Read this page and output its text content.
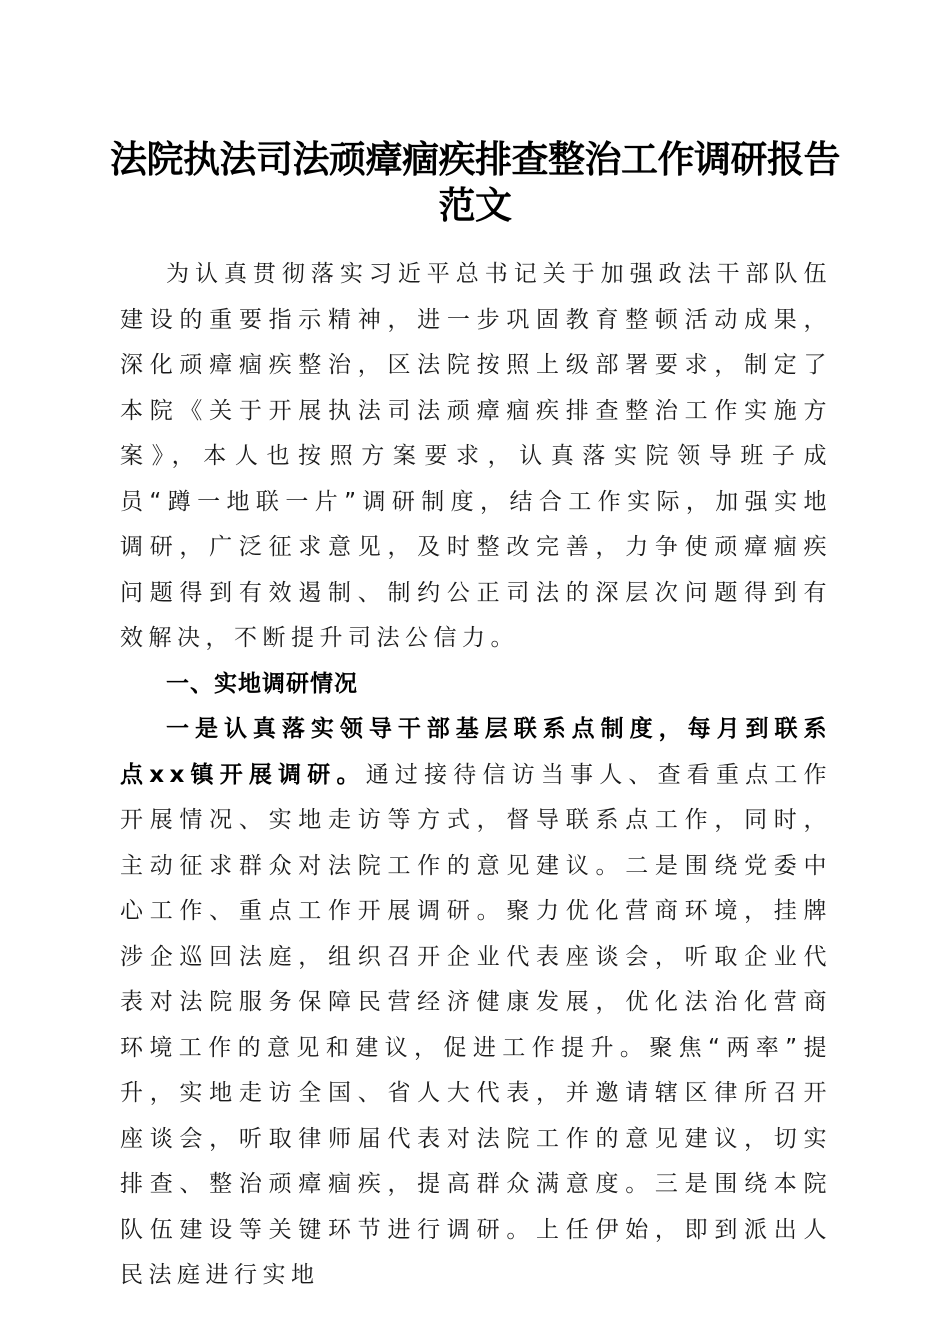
法院执法司法顽瘴痼疾排查整治工作调研报告
范文

为认真贯彻落实习近平总书记关于加强政法干部队伍建设的重要指示精神，进一步巩固教育整顿活动成果，深化顽瘴痼疾整治，区法院按照上级部署要求，制定了本院《关于开展执法司法顽瘴痼疾排查整治工作实施方案》，本人也按照方案要求，认真落实院领导班子成员“蹲一地联一片”调研制度，结合工作实际，加强实地调研，广泛征求意见，及时整改完善，力争使顽瘴痼疾问题得到有效遏制、制约公正司法的深层次问题得到有效解决，不断提升司法公信力。

一、实地调研情况

一是认真落实领导干部基层联系点制度，每月到联系点xx镇开展调研。通过接待信访当事人、查看重点工作开展情况、实地走访等方式，督导联系点工作，同时，主动征求群众对法院工作的意见建议。二是围绕党委中心工作、重点工作开展调研。聚力优化营商环境，挂牌涉企巡回法庭，组织召开企业代表座谈会，听取企业代表对法院服务保障民营经济健康发展，优化法治化营商环境工作的意见和建议，促进工作提升。聚焦“两率”提升，实地走访全国、省人大代表，并邀请辖区律所召开座谈会，听取律师届代表对法院工作的意见建议，切实排查、整治顽瘴痼疾，提高群众满意度。三是围绕本院队伍建设等关键环节进行调研。上任伊始，即到派出人民法庭进行实地
